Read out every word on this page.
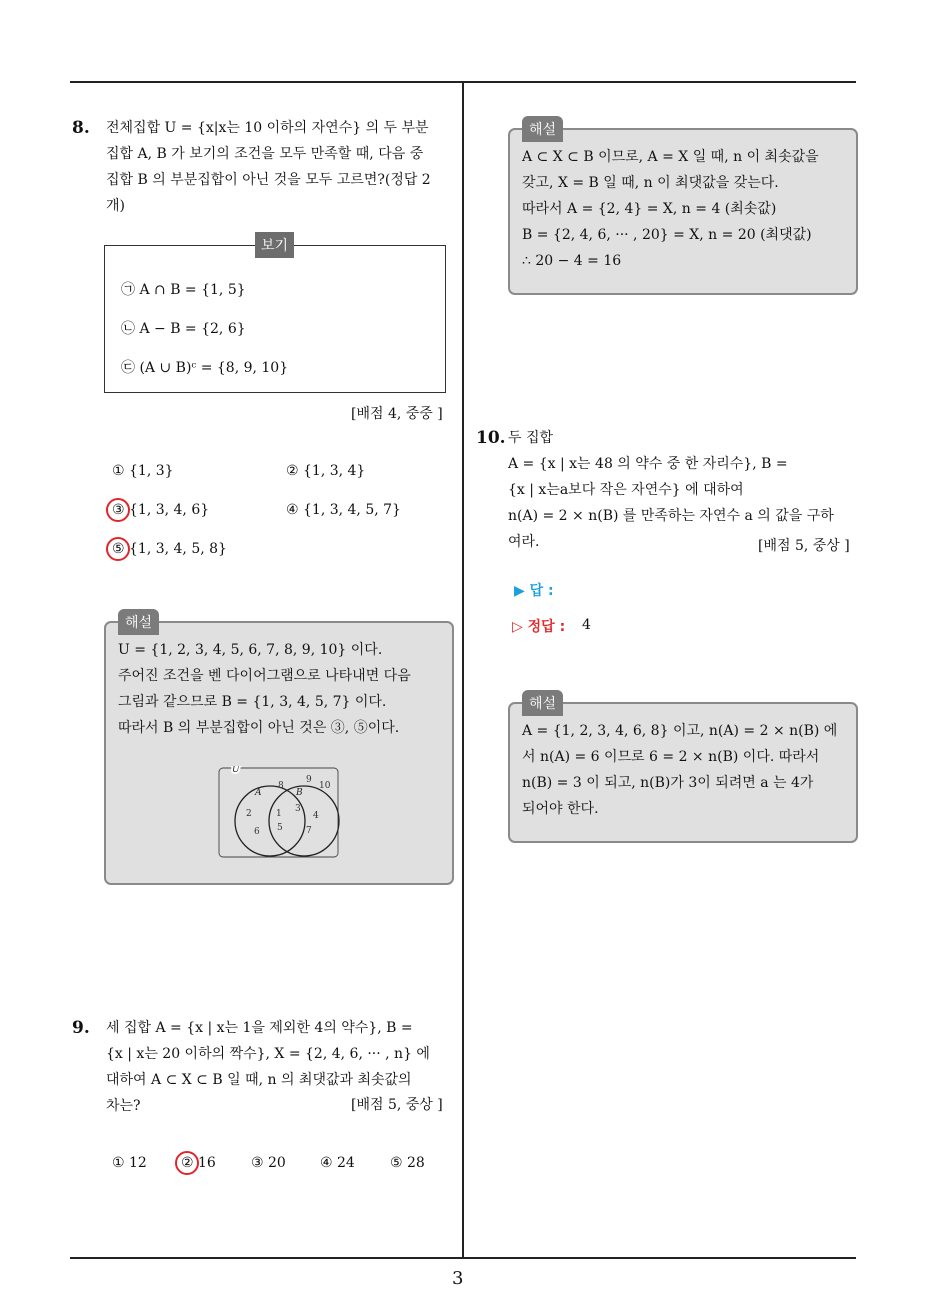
8. 전체집합 U = {x|x는 10 이하의 자연수} 의 두 부분
집합 A, B 가 보기의 조건을 모두 만족할 때, 다음 중
집합 B 의 부분집합이 아닌 것을 모두 고르면?(정답 2
개)
보기
㉠ A ∩ B = {1, 5}
㉡ A − B = {2, 6}
㉢ (A ∪ B)ᶜ = {8, 9, 10}
[배점 4, 중중 ]
① {1, 3}	② {1, 3, 4}
③ {1, 3, 4, 6}	④ {1, 3, 4, 5, 7}
⑤ {1, 3, 4, 5, 8}
해설
U = {1, 2, 3, 4, 5, 6, 7, 8, 9, 10} 이다.
주어진 조건을 벤 다이어그램으로 나타내면 다음
그림과 같으므로 B = {1, 3, 4, 5, 7} 이다.
따라서 B 의 부분집합이 아닌 것은 ③, ⑤이다.
U
A	B
8
9
10
2
6
1
5
3
4
7
9. 세 집합 A = {x | x는 1을 제외한 4의 약수}, B =
{x | x는 20 이하의 짝수}, X = {2, 4, 6, ··· , n} 에
대하여 A ⊂ X ⊂ B 일 때, n 의 최댓값과 최솟값의
차는?	[배점 5, 중상 ]
① 12 ② 16	③ 20 ④ 24	⑤ 28
해설
A ⊂ X ⊂ B 이므로, A = X 일 때, n 이 최솟값을
갖고, X = B 일 때, n 이 최댓값을 갖는다.
따라서 A = {2, 4} = X, n = 4 (최솟값)
B = {2, 4, 6, ··· , 20} = X, n = 20 (최댓값)
∴ 20 − 4 = 16
10. 두 집합
A = {x | x는 48 의 약수 중 한 자리수}, B =
{x | x는a보다 작은 자연수} 에 대하여
n(A) = 2 × n(B) 를 만족하는 자연수 a 의 값을 구하
여라.	[배점 5, 중상 ]
▶ 답 :
▷ 정답 : 4
해설
A = {1, 2, 3, 4, 6, 8} 이고, n(A) = 2 × n(B) 에
서 n(A) = 6 이므로 6 = 2 × n(B) 이다. 따라서
n(B) = 3 이 되고, n(B)가 3이 되려면 a 는 4가
되어야 한다.
3
